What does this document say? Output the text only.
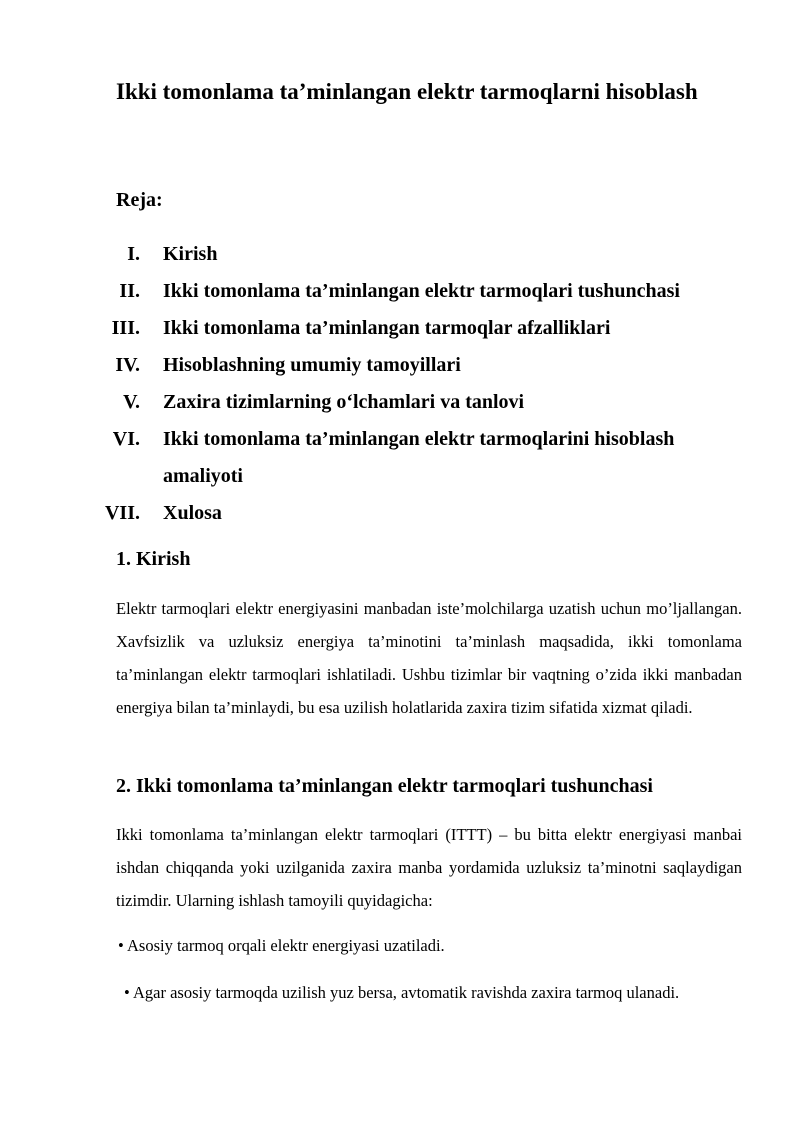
Ikki tomonlama ta’minlangan elektr tarmoqlarni hisoblash
Reja:
I. Kirish
II. Ikki tomonlama ta’minlangan elektr tarmoqlari tushunchasi
III. Ikki tomonlama ta’minlangan tarmoqlar afzalliklari
IV. Hisoblashning umumiy tamoyillari
V. Zaxira tizimlarning o‘lchamlari va tanlovi
VI. Ikki tomonlama ta’minlangan elektr tarmoqlarini hisoblash amaliyoti
VII. Xulosa
1. Kirish

Elektr tarmoqlari elektr energiyasini manbadan iste’molchilarga uzatish uchun mo’ljallangan. Xavfsizlik va uzluksiz energiya ta’minotini ta’minlash maqsadida, ikki tomonlama ta’minlangan elektr tarmoqlari ishlatiladi. Ushbu tizimlar bir vaqtning o’zida ikki manbadan energiya bilan ta’minlaydi, bu esa uzilish holatlarida zaxira tizim sifatida xizmat qiladi.

2. Ikki tomonlama ta’minlangan elektr tarmoqlari tushunchasi

Ikki tomonlama ta’minlangan elektr tarmoqlari (ITTT) – bu bitta elektr energiyasi manbai ishdan chiqqanda yoki uzilganida zaxira manba yordamida uzluksiz ta’minotni saqlaydigan tizimdir. Ularning ishlash tamoyili quyidagicha:

• Asosiy tarmoq orqali elektr energiyasi uzatiladi.

• Agar asosiy tarmoqda uzilish yuz bersa, avtomatik ravishda zaxira tarmoq ulanadi.
